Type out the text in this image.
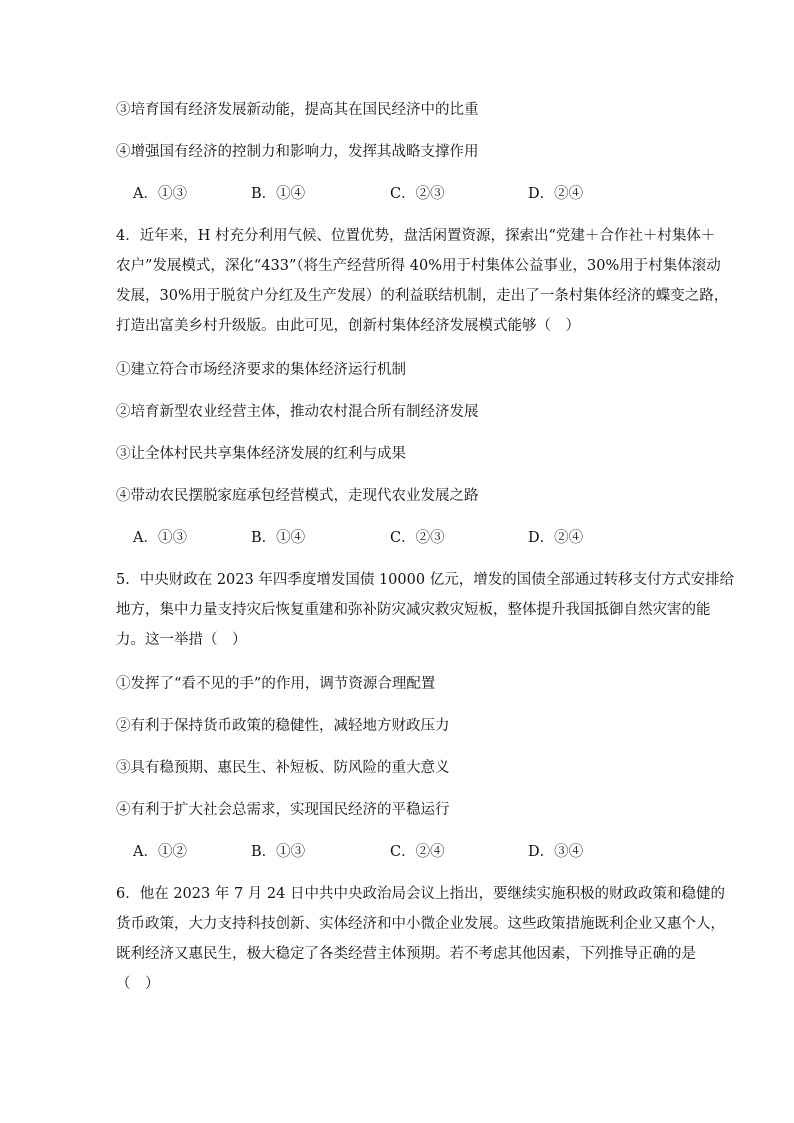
③培育国有经济发展新动能，提高其在国民经济中的比重
④增强国有经济的控制力和影响力，发挥其战略支撑作用
A．①③	B．①④	C．②③	D．②④
4．近年来，H 村充分利用气候、位置优势，盘活闲置资源，探索出“党建＋合作社＋村集体＋
农户”发展模式，深化“433”（将生产经营所得 40%用于村集体公益事业，30%用于村集体滚动
发展，30%用于脱贫户分红及生产发展）的利益联结机制，走出了一条村集体经济的蝶变之路，
打造出富美乡村升级版。由此可见，创新村集体经济发展模式能够（　）
①建立符合市场经济要求的集体经济运行机制
②培育新型农业经营主体，推动农村混合所有制经济发展
③让全体村民共享集体经济发展的红利与成果
④带动农民摆脱家庭承包经营模式，走现代农业发展之路
A．①③	B．①④	C．②③	D．②④
5．中央财政在 2023 年四季度增发国债 10000 亿元，增发的国债全部通过转移支付方式安排给
地方，集中力量支持灾后恢复重建和弥补防灾减灾救灾短板，整体提升我国抵御自然灾害的能
力。这一举措（　）
①发挥了“看不见的手”的作用，调节资源合理配置
②有利于保持货币政策的稳健性，减轻地方财政压力
③具有稳预期、惠民生、补短板、防风险的重大意义
④有利于扩大社会总需求，实现国民经济的平稳运行
A．①②	B．①③	C．②④	D．③④
6．他在 2023 年 7 月 24 日中共中央政治局会议上指出，要继续实施积极的财政政策和稳健的
货币政策，大力支持科技创新、实体经济和中小微企业发展。这些政策措施既利企业又惠个人，
既利经济又惠民生，极大稳定了各类经营主体预期。若不考虑其他因素，下列推导正确的是
（　）
